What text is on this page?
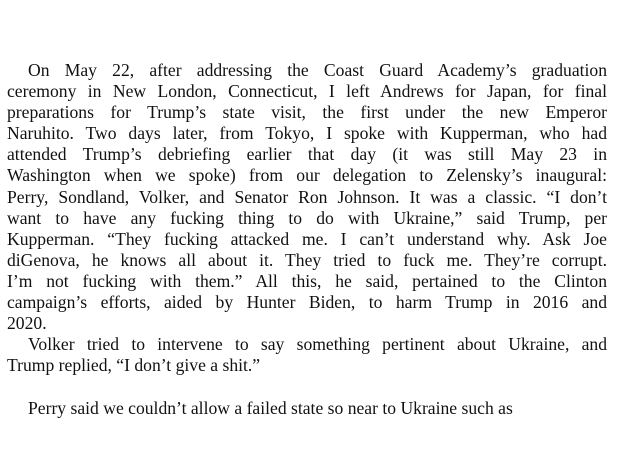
On May 22, after addressing the Coast Guard Academy’s graduation
ceremony in New London, Connecticut, I left Andrews for Japan, for final
preparations for Trump’s state visit, the first under the new Emperor
Naruhito. Two days later, from Tokyo, I spoke with Kupperman, who had
attended Trump’s debriefing earlier that day (it was still May 23 in
Washington when we spoke) from our delegation to Zelensky’s inaugural:
Perry, Sondland, Volker, and Senator Ron Johnson. It was a classic. “I don’t
want to have any fucking thing to do with Ukraine,” said Trump, per
Kupperman. “They fucking attacked me. I can’t understand why. Ask Joe
diGenova, he knows all about it. They tried to fuck me. They’re corrupt.
I’m not fucking with them.” All this, he said, pertained to the Clinton
campaign’s efforts, aided by Hunter Biden, to harm Trump in 2016 and
2020.

Volker tried to intervene to say something pertinent about Ukraine, and
Trump replied, “I don’t give a shit.”

Perry said we couldn’t allow a failed state so near to Ukraine such as
